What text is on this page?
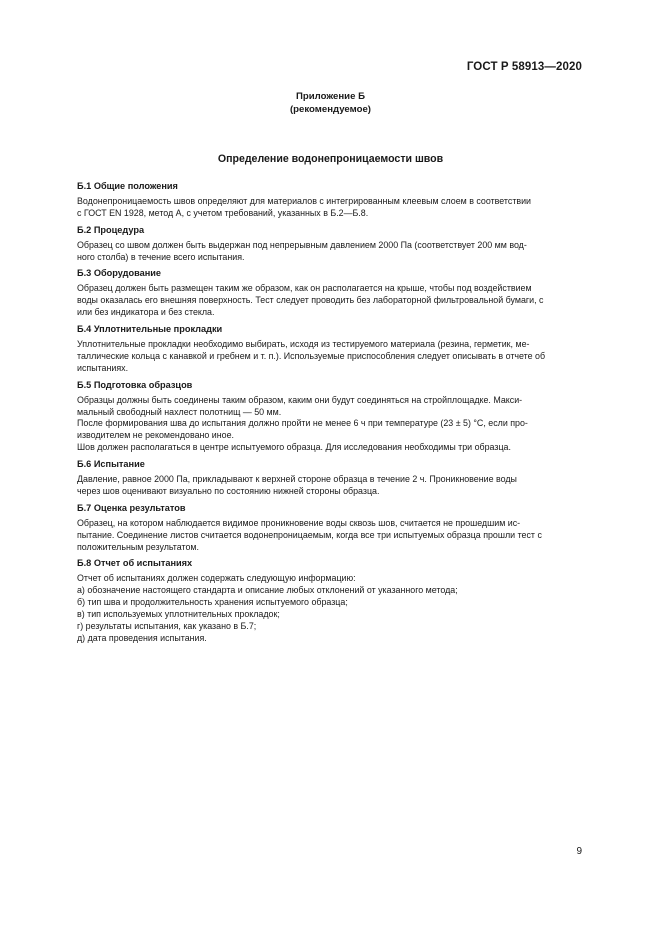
ГОСТ Р 58913—2020
Приложение Б
(рекомендуемое)
Определение водонепроницаемости швов
Б.1 Общие положения
Водонепроницаемость швов определяют для материалов с интегрированным клеевым слоем в соответствии
с ГОСТ EN 1928, метод А, с учетом требований, указанных в Б.2—Б.8.
Б.2 Процедура
Образец со швом должен быть выдержан под непрерывным давлением 2000 Па (соответствует 200 мм вод-
ного столба) в течение всего испытания.
Б.3 Оборудование
Образец должен быть размещен таким же образом, как он располагается на крыше, чтобы под воздействием
воды оказалась его внешняя поверхность. Тест следует проводить без лабораторной фильтровальной бумаги, с
или без индикатора и без стекла.
Б.4 Уплотнительные прокладки
Уплотнительные прокладки необходимо выбирать, исходя из тестируемого материала (резина, герметик, ме-
таллические кольца с канавкой и гребнем и т. п.). Используемые приспособления следует описывать в отчете об
испытаниях.
Б.5 Подготовка образцов
Образцы должны быть соединены таким образом, каким они будут соединяться на стройплощадке. Макси-
мальный свободный нахлест полотнищ — 50 мм.
После формирования шва до испытания должно пройти не менее 6 ч при температуре (23 ± 5) °С, если про-
изводителем не рекомендовано иное.
Шов должен располагаться в центре испытуемого образца. Для исследования необходимы три образца.
Б.6 Испытание
Давление, равное 2000 Па, прикладывают к верхней стороне образца в течение 2 ч. Проникновение воды
через шов оценивают визуально по состоянию нижней стороны образца.
Б.7 Оценка результатов
Образец, на котором наблюдается видимое проникновение воды сквозь шов, считается не прошедшим ис-
пытание. Соединение листов считается водонепроницаемым, когда все три испытуемых образца прошли тест с
положительным результатом.
Б.8 Отчет об испытаниях
Отчет об испытаниях должен содержать следующую информацию:
а) обозначение настоящего стандарта и описание любых отклонений от указанного метода;
б) тип шва и продолжительность хранения испытуемого образца;
в) тип используемых уплотнительных прокладок;
г) результаты испытания, как указано в Б.7;
д) дата проведения испытания.
9
